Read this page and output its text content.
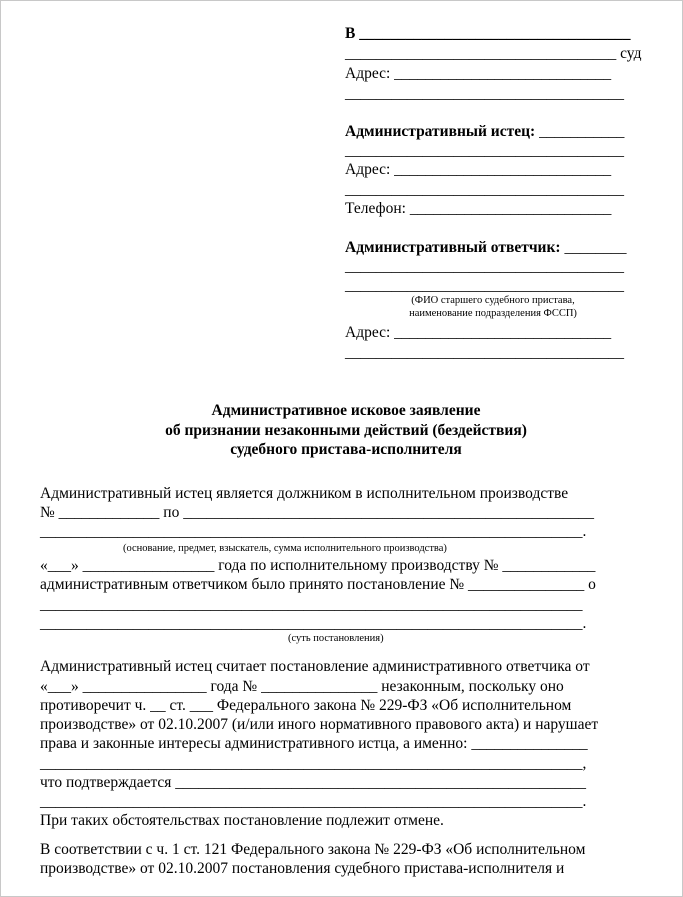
В ___________________________________

___________________________________ суд

Адрес: ____________________________

____________________________________

Административный истец: ___________

____________________________________

Адрес: ____________________________

____________________________________

Телефон: __________________________

Административный ответчик: ________

____________________________________

____________________________________

(ФИО старшего судебного пристава,

наименование подразделения ФССП)

Адрес: ____________________________

____________________________________

Административное исковое заявление

об признании незаконными действий (бездействия)

судебного пристава-исполнителя

Административный истец является должником в исполнительном производстве

№ _____________ по _____________________________________________________

______________________________________________________________________.

(основание, предмет, взыскатель, сумма исполнительного производства)

«___» _________________ года по исполнительному производству № ____________

административным ответчиком было принято постановление № _______________ о

______________________________________________________________________

______________________________________________________________________.

(суть постановления)

Административный истец считает постановление административного ответчика от

«___» ________________ года № _______________ незаконным, поскольку оно

противоречит ч. __ ст. ___ Федерального закона № 229-ФЗ «Об исполнительном

производстве» от 02.10.2007 (и/или иного нормативного правового акта) и нарушает

права и законные интересы административного истца, а именно: _______________

______________________________________________________________________,

что подтверждается _____________________________________________________

______________________________________________________________________.

При таких обстоятельствах постановление подлежит отмене.

В соответствии с ч. 1 ст. 121 Федерального закона № 229-ФЗ «Об исполнительном

производстве» от 02.10.2007 постановления судебного пристава-исполнителя и
